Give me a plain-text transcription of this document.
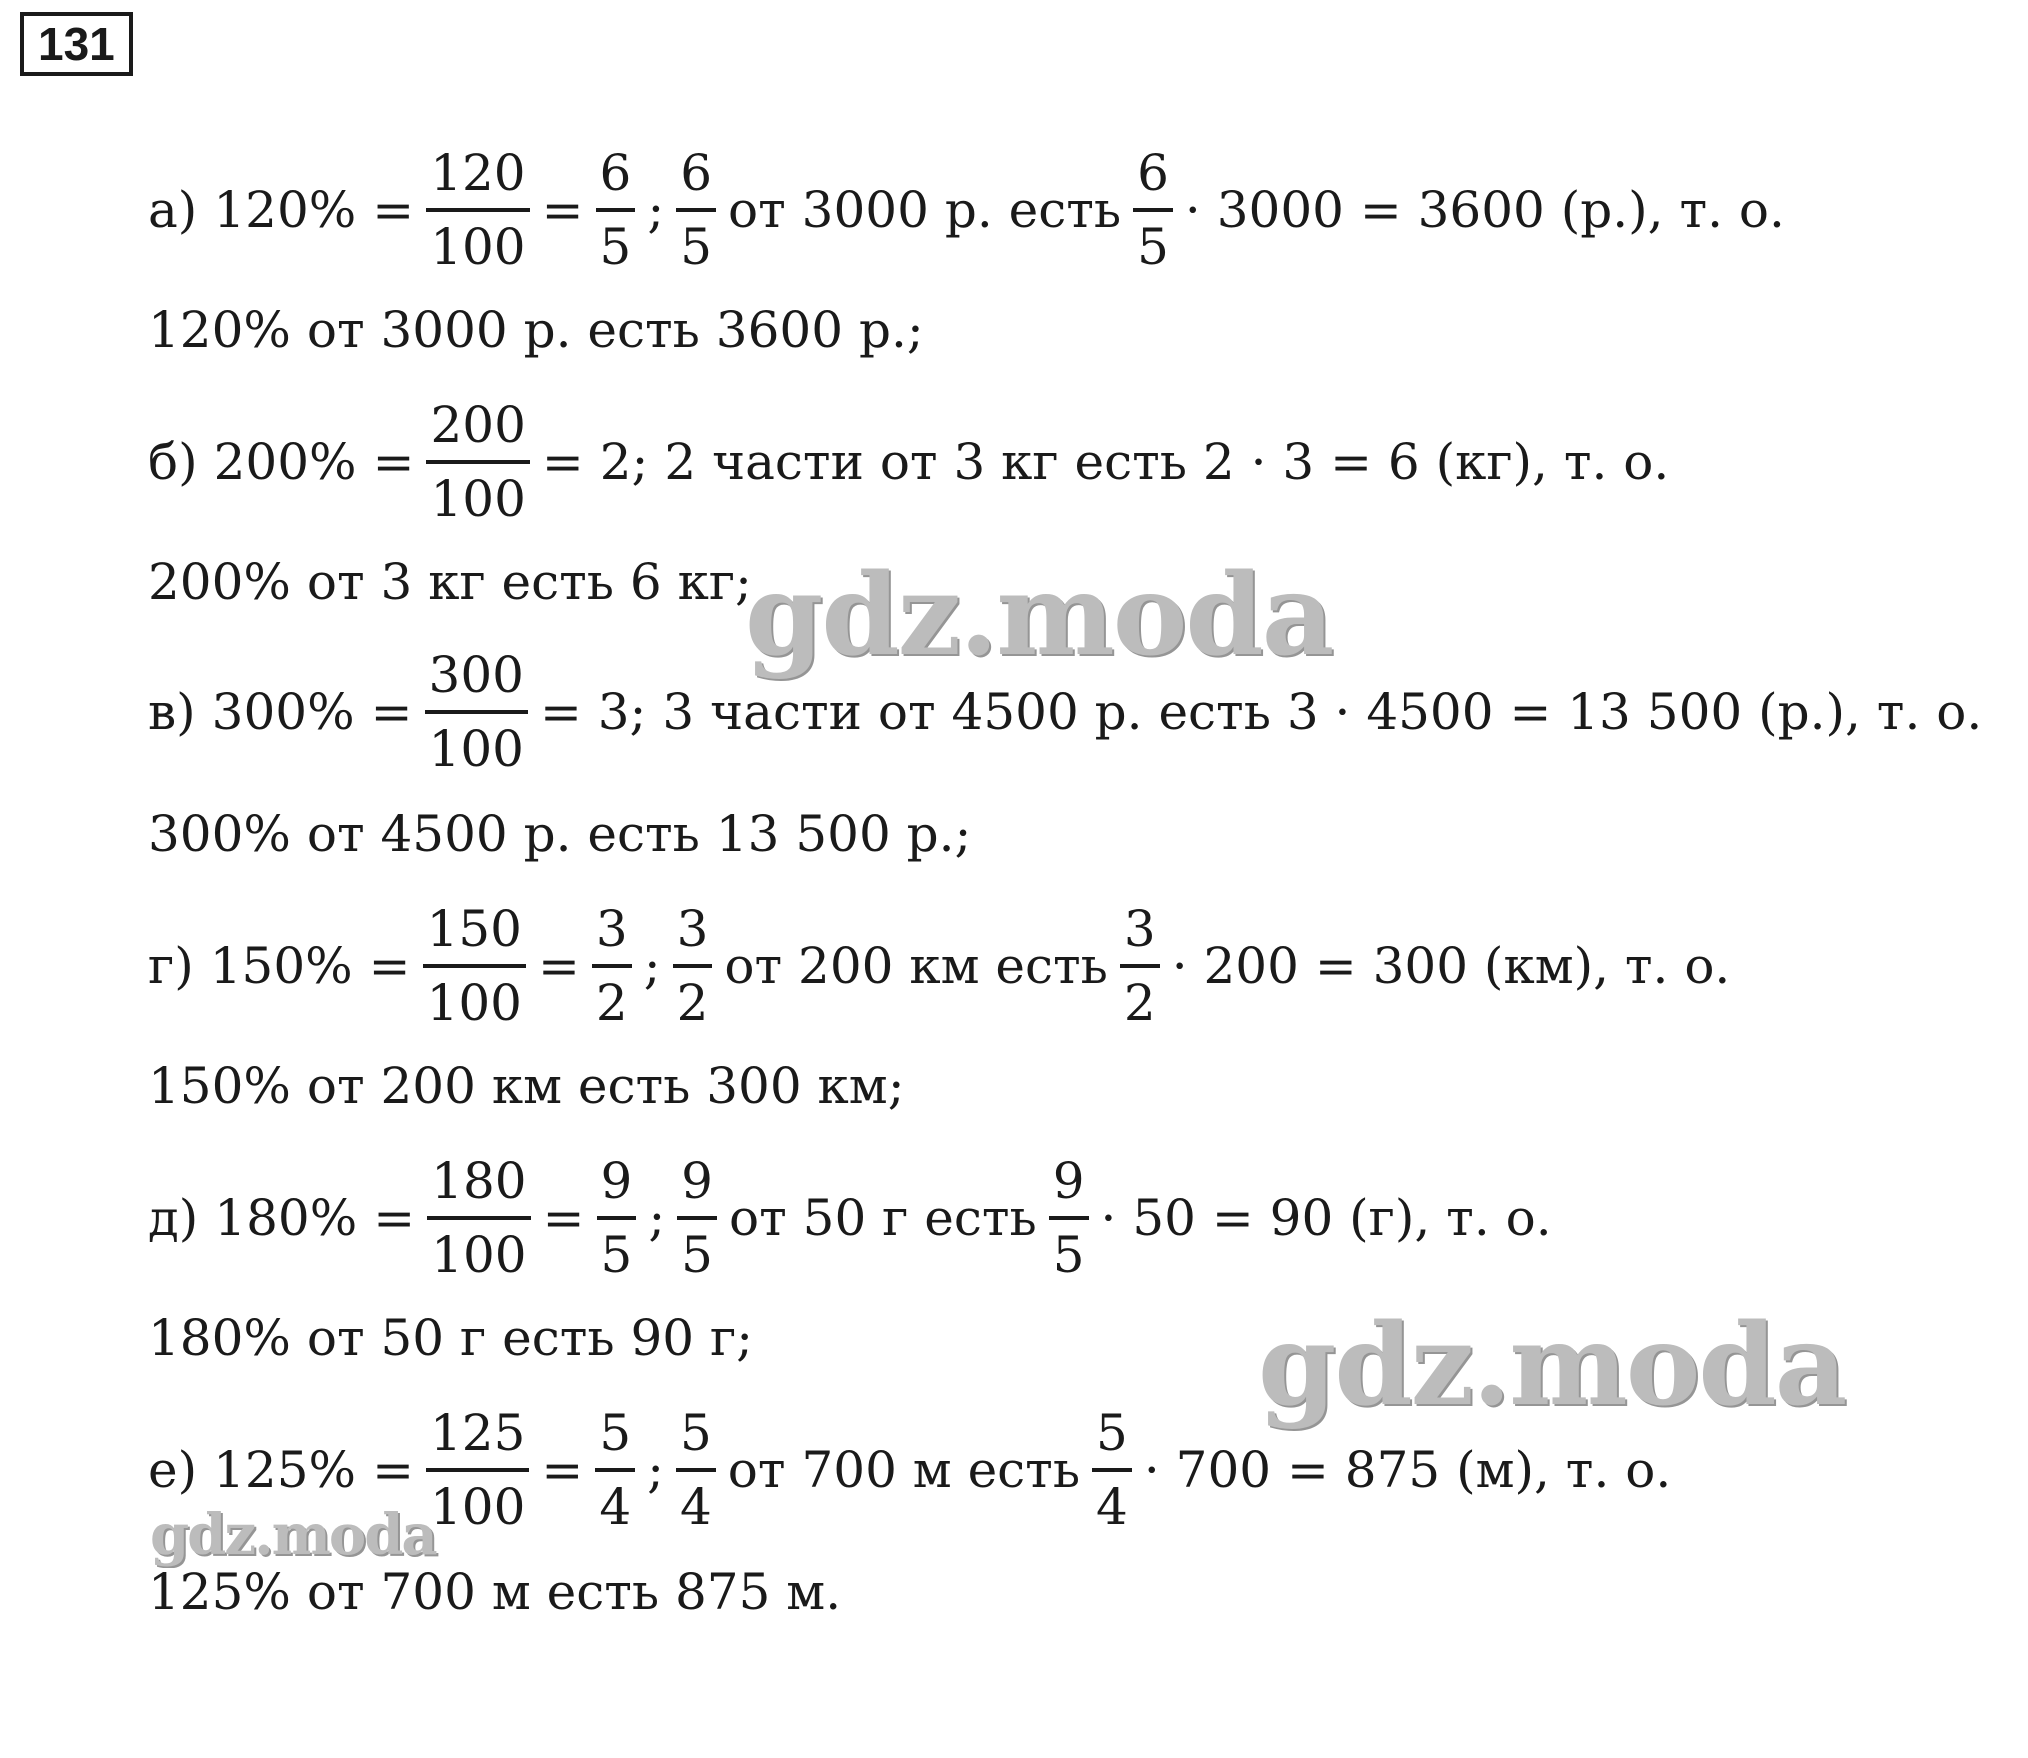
131
а) $120\% = \frac{120}{100} = \frac{6}{5}$ ; $\frac{6}{5}$ от 3000 р. есть $\frac{6}{5} \cdot 3000 = 3600$ (р.), т. о.
120% от 3000 р. есть 3600 р.;
б) $200\% = \frac{200}{100} = 2$; 2 части от 3 кг есть 2 · 3 = 6 (кг), т. о.
200% от 3 кг есть 6 кг;
в) $300\% = \frac{300}{100} = 3$; 3 части от 4500 р. есть 3 · 4500 = 13 500 (р.), т. о.
300% от 4500 р. есть 13 500 р.;
г) $150\% = \frac{150}{100} = \frac{3}{2}$ ; $\frac{3}{2}$ от 200 км есть $\frac{3}{2} \cdot 200 = 300$ (км), т. о.
150% от 200 км есть 300 км;
д) $180\% = \frac{180}{100} = \frac{9}{5}$ ; $\frac{9}{5}$ от 50 г есть $\frac{9}{5} \cdot 50 = 90$ (г), т. о.
180% от 50 г есть 90 г;
е) $125\% = \frac{125}{100} = \frac{5}{4}$ ; $\frac{5}{4}$ от 700 м есть $\frac{5}{4} \cdot 700 = 875$ (м), т. о.
125% от 700 м есть 875 м.
gdz.moda
gdz.moda
gdz.moda
